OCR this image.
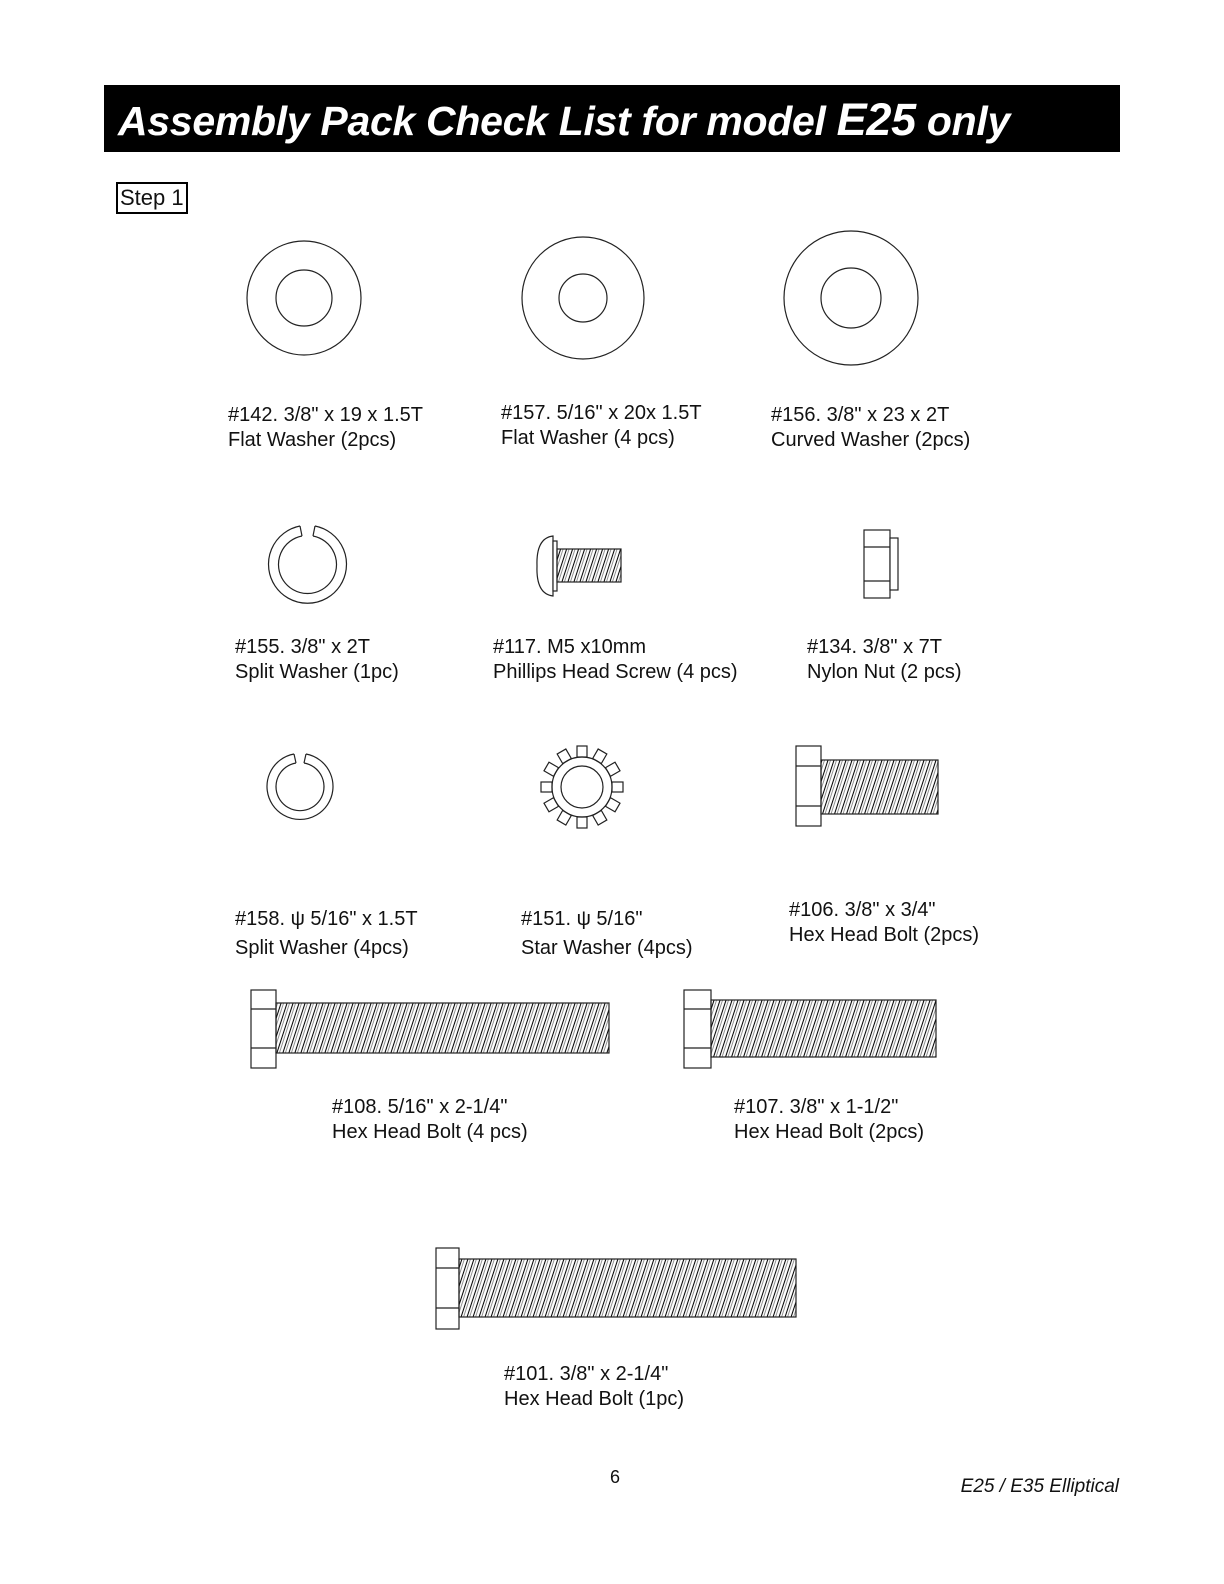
Assembly Pack Check List for model E25 only
Step 1
#142. 3/8" x 19 x 1.5T
Flat Washer (2pcs)
#157. 5/16" x 20x 1.5T
Flat Washer (4 pcs)
#156. 3/8" x 23 x 2T
Curved Washer (2pcs)
#155. 3/8" x 2T
Split Washer (1pc)
#117. M5 x10mm
Phillips Head Screw (4 pcs)
#134. 3/8" x 7T
Nylon Nut (2 pcs)
#158. ψ 5/16" x 1.5T
Split Washer (4pcs)
#151. ψ 5/16"
Star Washer (4pcs)
#106. 3/8" x 3/4"
Hex Head Bolt (2pcs)
#108. 5/16" x 2-1/4"
Hex Head Bolt (4 pcs)
#107. 3/8" x 1-1/2"
Hex Head Bolt (2pcs)
#101. 3/8" x 2-1/4"
Hex Head Bolt (1pc)
6	E25 / E35 Elliptical
